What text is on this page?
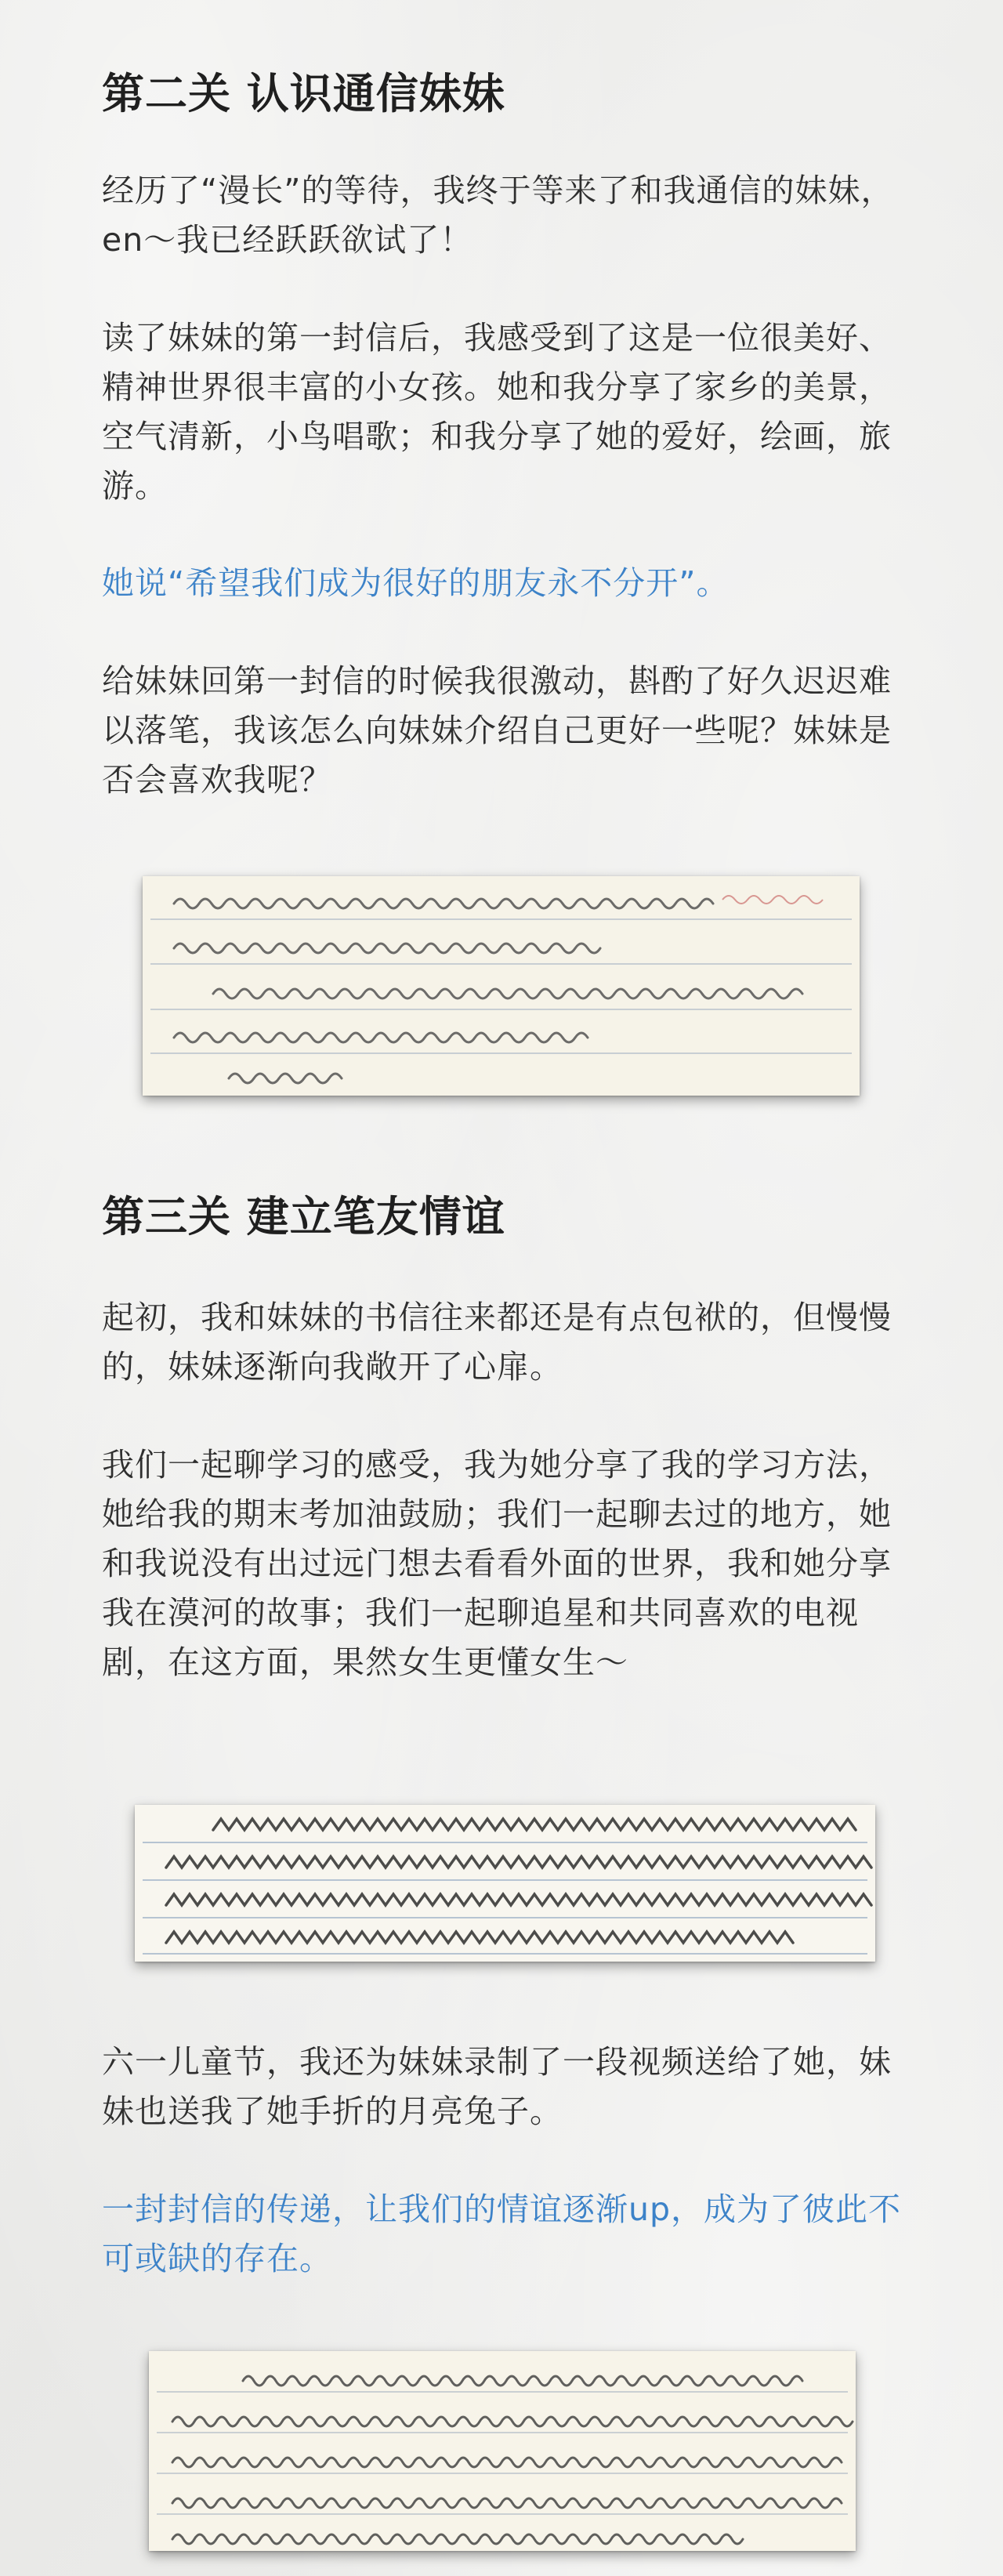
第二关 认识通信妹妹

经历了“漫长”的等待，我终于等来了和我通信的妹妹，en～我已经跃跃欲试了！

读了妹妹的第一封信后，我感受到了这是一位很美好、精神世界很丰富的小女孩。她和我分享了家乡的美景，空气清新，小鸟唱歌；和我分享了她的爱好，绘画，旅游。

她说“希望我们成为很好的朋友永不分开”。

给妹妹回第一封信的时候我很激动，斟酌了好久迟迟难以落笔，我该怎么向妹妹介绍自己更好一些呢？妹妹是否会喜欢我呢？

第三关 建立笔友情谊

起初，我和妹妹的书信往来都还是有点包袱的，但慢慢的，妹妹逐渐向我敞开了心扉。

我们一起聊学习的感受，我为她分享了我的学习方法，她给我的期末考加油鼓励；我们一起聊去过的地方，她和我说没有出过远门想去看看外面的世界，我和她分享我在漠河的故事；我们一起聊追星和共同喜欢的电视剧，在这方面，果然女生更懂女生～

六一儿童节，我还为妹妹录制了一段视频送给了她，妹妹也送我了她手折的月亮兔子。

一封封信的传递，让我们的情谊逐渐up，成为了彼此不可或缺的存在。
